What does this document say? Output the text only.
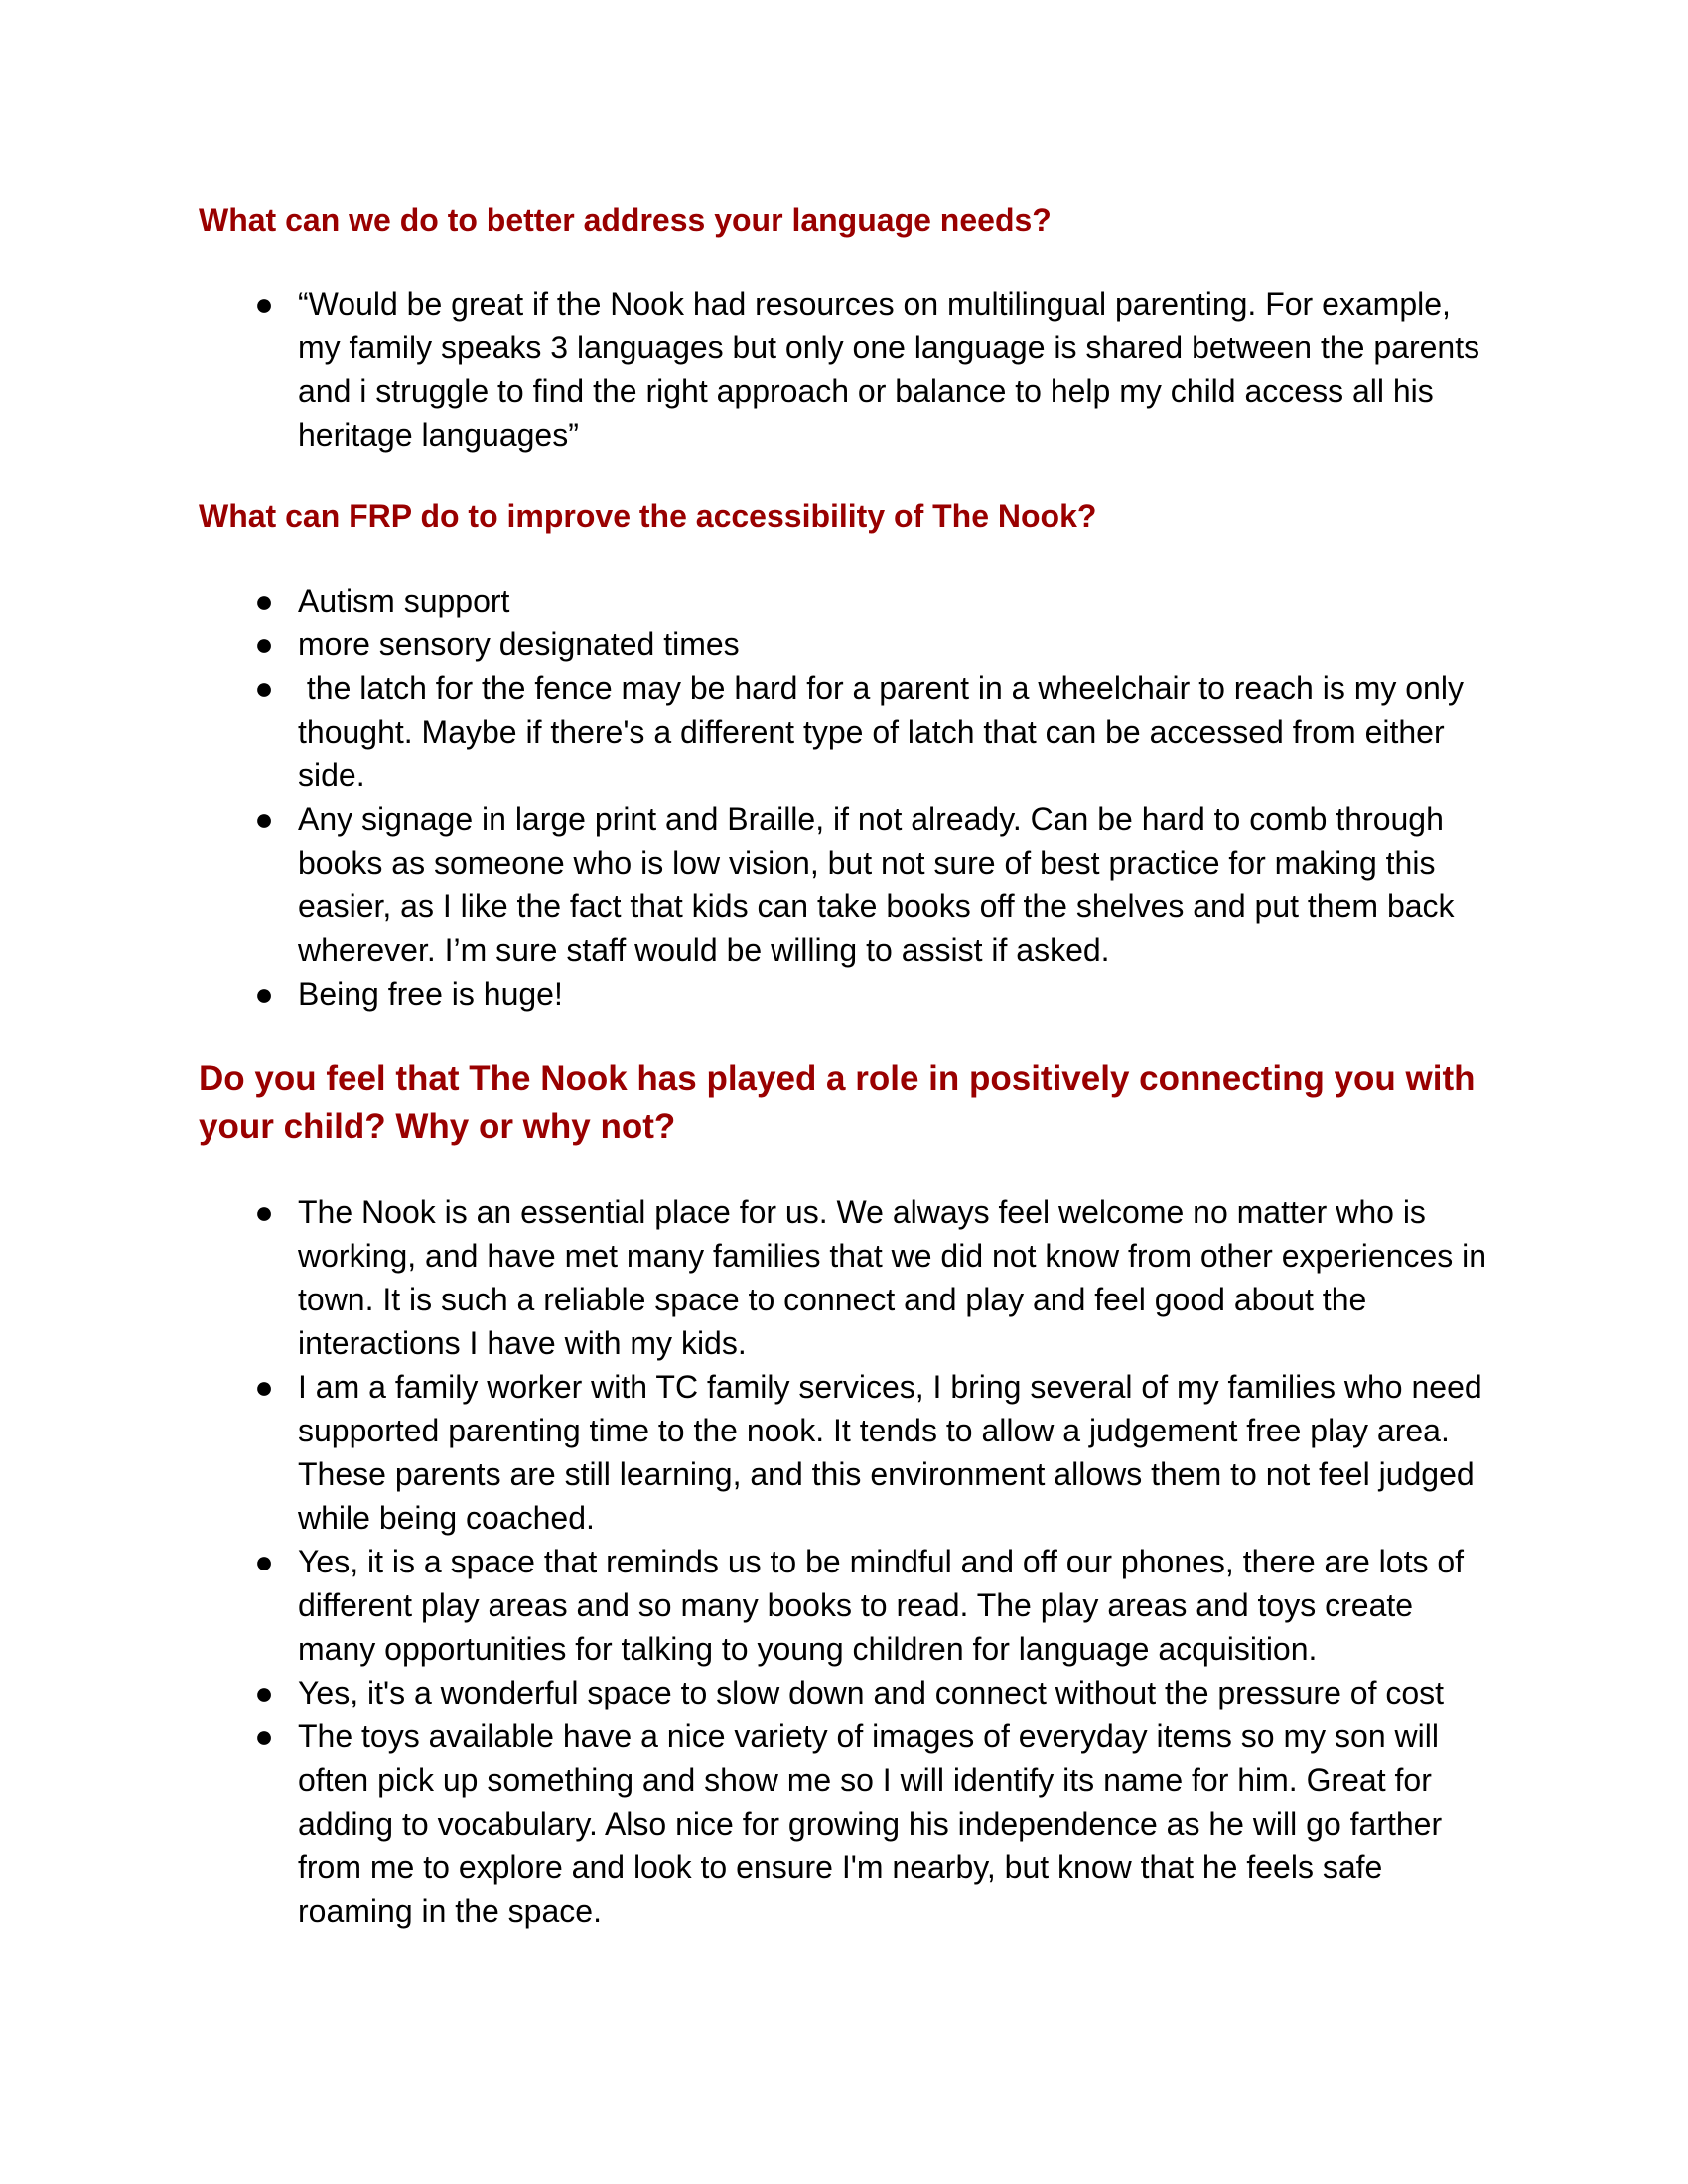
What can we do to better address your language needs?
● “Would be great if the Nook had resources on multilingual parenting. For example, my family speaks 3 languages but only one language is shared between the parents and i struggle to find the right approach or balance to help my child access all his heritage languages”
What can FRP do to improve the accessibility of The Nook?
● Autism support
● more sensory designated times
● the latch for the fence may be hard for a parent in a wheelchair to reach is my only thought. Maybe if there's a different type of latch that can be accessed from either side.
● Any signage in large print and Braille, if not already. Can be hard to comb through books as someone who is low vision, but not sure of best practice for making this easier, as I like the fact that kids can take books off the shelves and put them back wherever. I’m sure staff would be willing to assist if asked.
● Being free is huge!
Do you feel that The Nook has played a role in positively connecting you with your child? Why or why not?
● The Nook is an essential place for us. We always feel welcome no matter who is working, and have met many families that we did not know from other experiences in town. It is such a reliable space to connect and play and feel good about the interactions I have with my kids.
● I am a family worker with TC family services, I bring several of my families who need supported parenting time to the nook. It tends to allow a judgement free play area. These parents are still learning, and this environment allows them to not feel judged while being coached.
● Yes, it is a space that reminds us to be mindful and off our phones, there are lots of different play areas and so many books to read. The play areas and toys create many opportunities for talking to young children for language acquisition.
● Yes, it's a wonderful space to slow down and connect without the pressure of cost
● The toys available have a nice variety of images of everyday items so my son will often pick up something and show me so I will identify its name for him. Great for adding to vocabulary. Also nice for growing his independence as he will go farther from me to explore and look to ensure I'm nearby, but know that he feels safe roaming in the space.
